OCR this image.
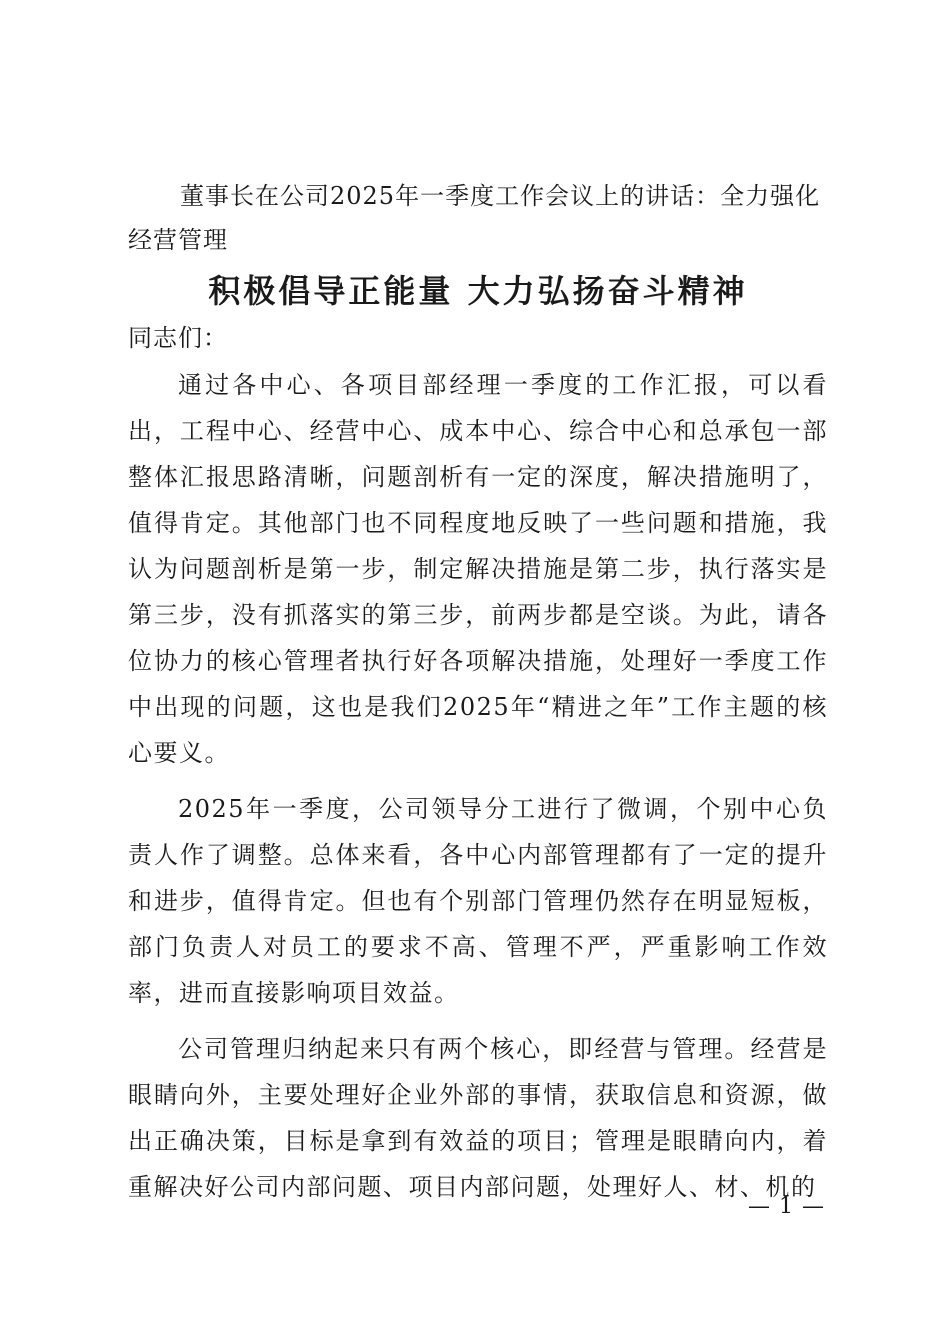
董事长在公司2025年一季度工作会议上的讲话：全力强化经营管理

积极倡导正能量 大力弘扬奋斗精神

同志们：

通过各中心、各项目部经理一季度的工作汇报，可以看出，工程中心、经营中心、成本中心、综合中心和总承包一部整体汇报思路清晰，问题剖析有一定的深度，解决措施明了，值得肯定。其他部门也不同程度地反映了一些问题和措施，我认为问题剖析是第一步，制定解决措施是第二步，执行落实是第三步，没有抓落实的第三步，前两步都是空谈。为此，请各位协力的核心管理者执行好各项解决措施，处理好一季度工作中出现的问题，这也是我们2025年“精进之年”工作主题的核心要义。

2025年一季度，公司领导分工进行了微调，个别中心负责人作了调整。总体来看，各中心内部管理都有了一定的提升和进步，值得肯定。但也有个别部门管理仍然存在明显短板，部门负责人对员工的要求不高、管理不严，严重影响工作效率，进而直接影响项目效益。

公司管理归纳起来只有两个核心，即经营与管理。经营是眼睛向外，主要处理好企业外部的事情，获取信息和资源，做出正确决策，目标是拿到有效益的项目；管理是眼睛向内，着重解决好公司内部问题、项目内部问题，处理好人、材、机的

— 1 —
